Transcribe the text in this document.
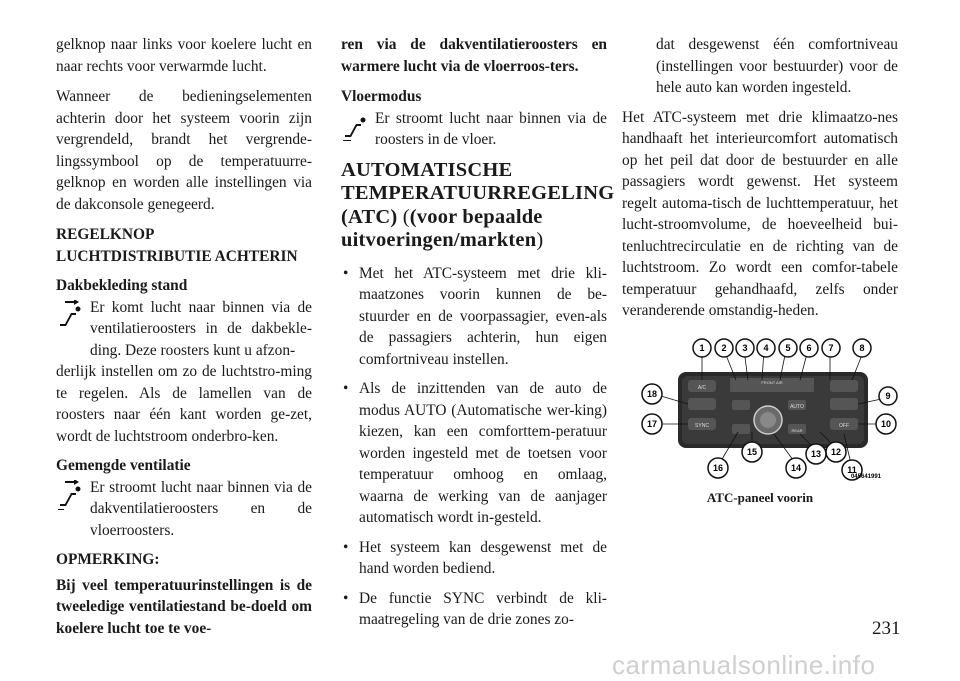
gelknop naar links voor koelere lucht en naar rechts voor verwarmde lucht.

Wanneer de bedieningselementen achterin door het systeem voorin zijn vergrendeld, brandt het vergrende-lingssymbool op de temperatuurre-gelknop en worden alle instellingen via de dakconsole genegeerd.

REGELKNOP
LUCHTDISTRIBUTIE ACHTERIN
Dakbekleding stand
Er komt lucht naar binnen via de ventilatieroosters in de dakbekle-ding. Deze roosters kunt u afzon-
derlijk instellen om zo de luchtstro-ming te regelen. Als de lamellen van de roosters naar één kant worden ge-zet, wordt de luchtstroom onderbro-ken.
Gemengde ventilatie
Er stroomt lucht naar binnen via de dakventilatieroosters en de vloerroosters.
OPMERKING:

Bij veel temperatuurinstellingen is de tweeledige ventilatiestand be-doeld om koelere lucht toe te voe-

ren via de dakventilatieroosters en warmere lucht via de vloerroos-ters.

Vloermodus
Er stroomt lucht naar binnen via de roosters in de vloer.
AUTOMATISCHE TEMPERATUURREGELING (ATC) ((voor bepaalde uitvoeringen/markten)
• Met het ATC-systeem met drie kli-maatzones voorin kunnen de be-stuurder en de voorpassagier, even-als de passagiers achterin, hun eigen comfortniveau instellen.
• Als de inzittenden van de auto de modus AUTO (Automatische wer-king) kiezen, kan een comforttem-peratuur worden ingesteld met de toetsen voor temperatuur omhoog en omlaag, waarna de werking van de aanjager automatisch wordt in-gesteld.
• Het systeem kan desgewenst met de hand worden bediend.
• De functie SYNC verbindt de kli-maatregeling van de drie zones zo-
dat desgewenst één comfortniveau (instellingen voor bestuurder) voor de hele auto kan worden ingesteld.

Het ATC-systeem met drie klimaatzo-nes handhaaft het interieurcomfort automatisch op het peil dat door de bestuurder en alle passagiers wordt gewenst. Het systeem regelt automa-tisch de luchttemperatuur, het lucht-stroomvolume, de hoeveelheid bui-tenluchtrecirculatie en de richting van de luchtstroom. Zo wordt een comfor-tabele temperatuur gehandhaafd, zelfs onder veranderende omstandig-heden.

A/C
SYNC
AUTO
FRONT AIR
REAR
OFF
1 2 3 4 5 6 7	8
9
10
11
12
13
14
15
16
17
18
045641991
ATC-paneel voorin
231
carmanualsonline.info
